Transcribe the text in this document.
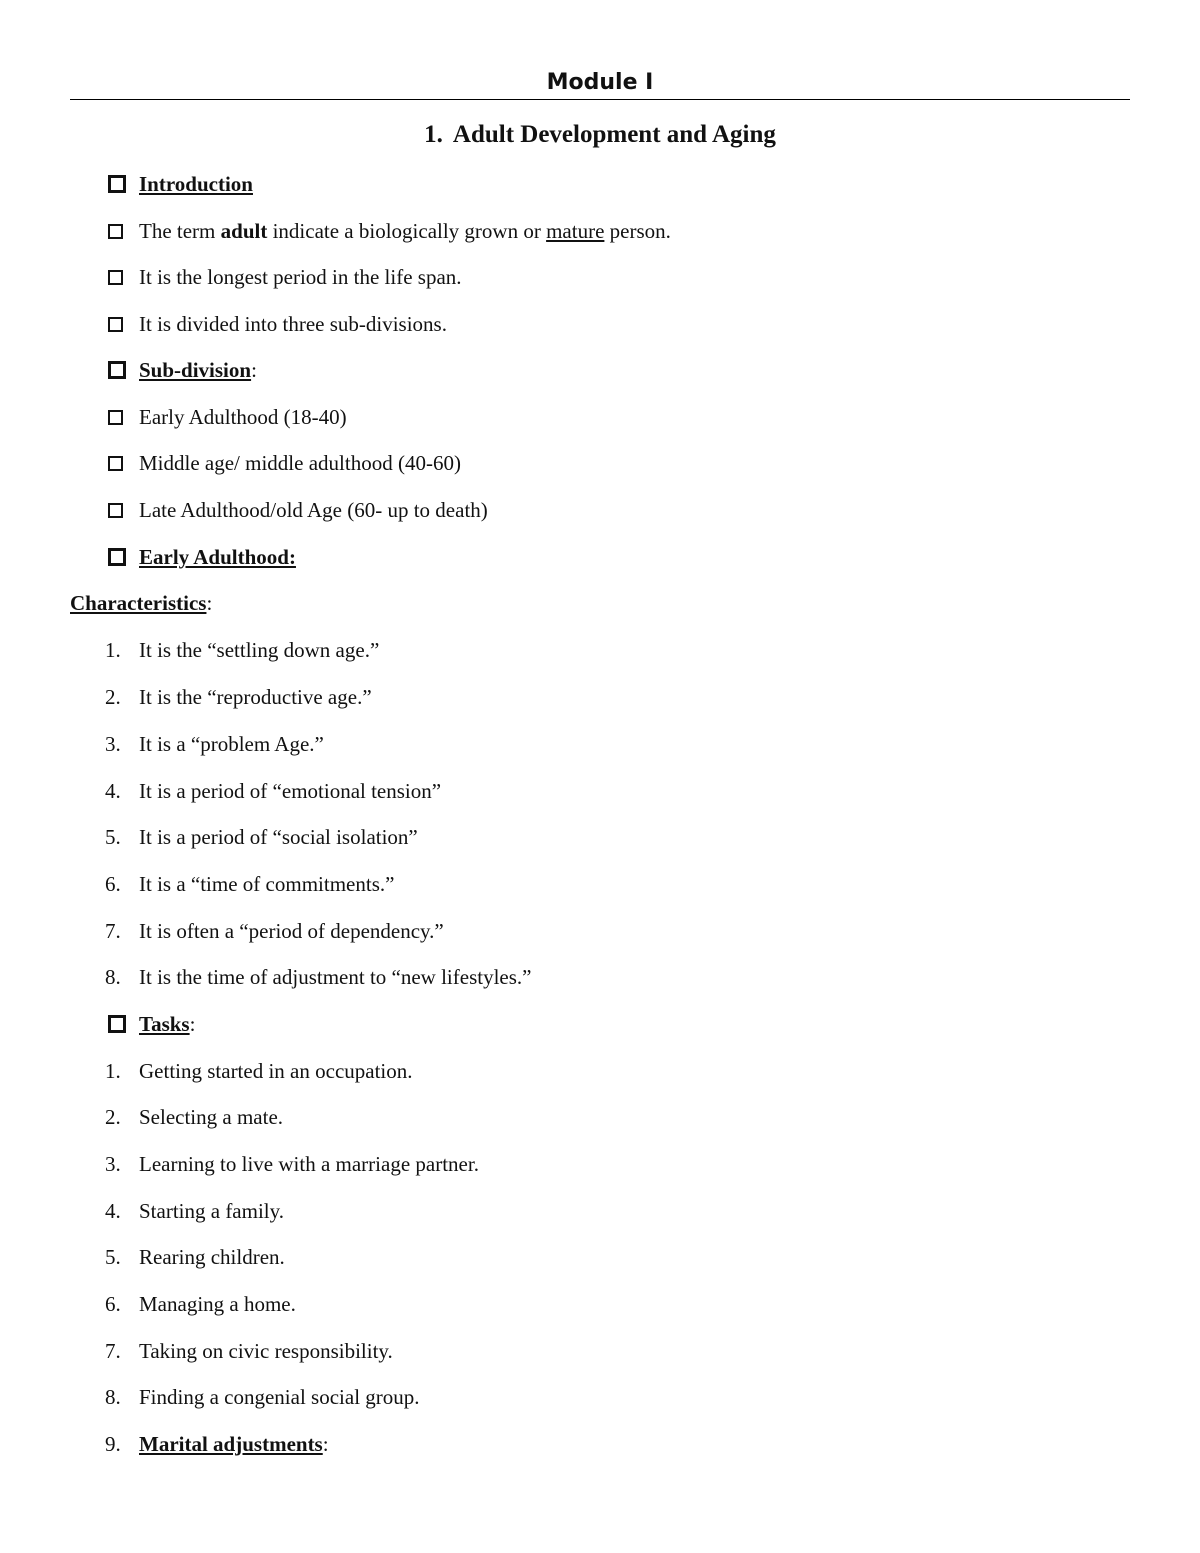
Module I
1. Adult Development and Aging
Introduction
The term adult indicate a biologically grown or mature person.
It is the longest period in the life span.
It is divided into three sub-divisions.
Sub-division:
Early Adulthood (18-40)
Middle age/ middle adulthood (40-60)
Late Adulthood/old Age (60- up to death)
Early Adulthood:
Characteristics:
1. It is the “settling down age.”
2. It is the “reproductive age.”
3. It is a “problem Age.”
4. It is a period of “emotional tension”
5. It is a period of “social isolation”
6. It is a “time of commitments.”
7. It is often a “period of dependency.”
8. It is the time of adjustment to “new lifestyles.”
Tasks:
1. Getting started in an occupation.
2. Selecting a mate.
3. Learning to live with a marriage partner.
4. Starting a family.
5. Rearing children.
6. Managing a home.
7. Taking on civic responsibility.
8. Finding a congenial social group.
9. Marital adjustments:
